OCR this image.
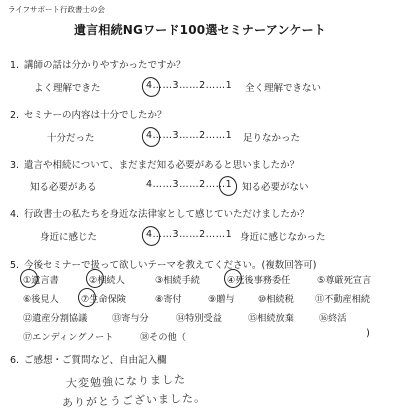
ライフサポート行政書士の会
遺言相続NGワード100選セミナーアンケート
1. 講師の話は分かりやすかったですか？
よく理解できた	4……3……2……1 全く理解できない
2. セミナーの内容は十分でしたか？
十分だった	4……3……2……1 足りなかった
3. 遺言や相続について、まだまだ知る必要があると思いましたか？
知る必要がある	4……3……2……1 知る必要がない
4. 行政書士の私たちを身近な法律家として感じていただけましたか？
身近に感じた	4……3……2……1 身近に感じなかった
5. 今後セミナーで扱って欲しいテーマを教えてください。(複数回答可)
①遺言書	②相続人	③相続手続	④死後事務委任	⑤尊厳死宣言
⑥後見人 ⑦生命保険	⑧寄付	⑨贈与	⑩相続税 ⑪不動産相続
⑫遺産分割協議	⑬寄与分	⑭特別受益	⑮相続放棄	⑯終活
⑰エンディングノート	⑱その他（	)
6. ご感想・ご質問など、自由記入欄
大変勉強になりました
ありがとうございました。
